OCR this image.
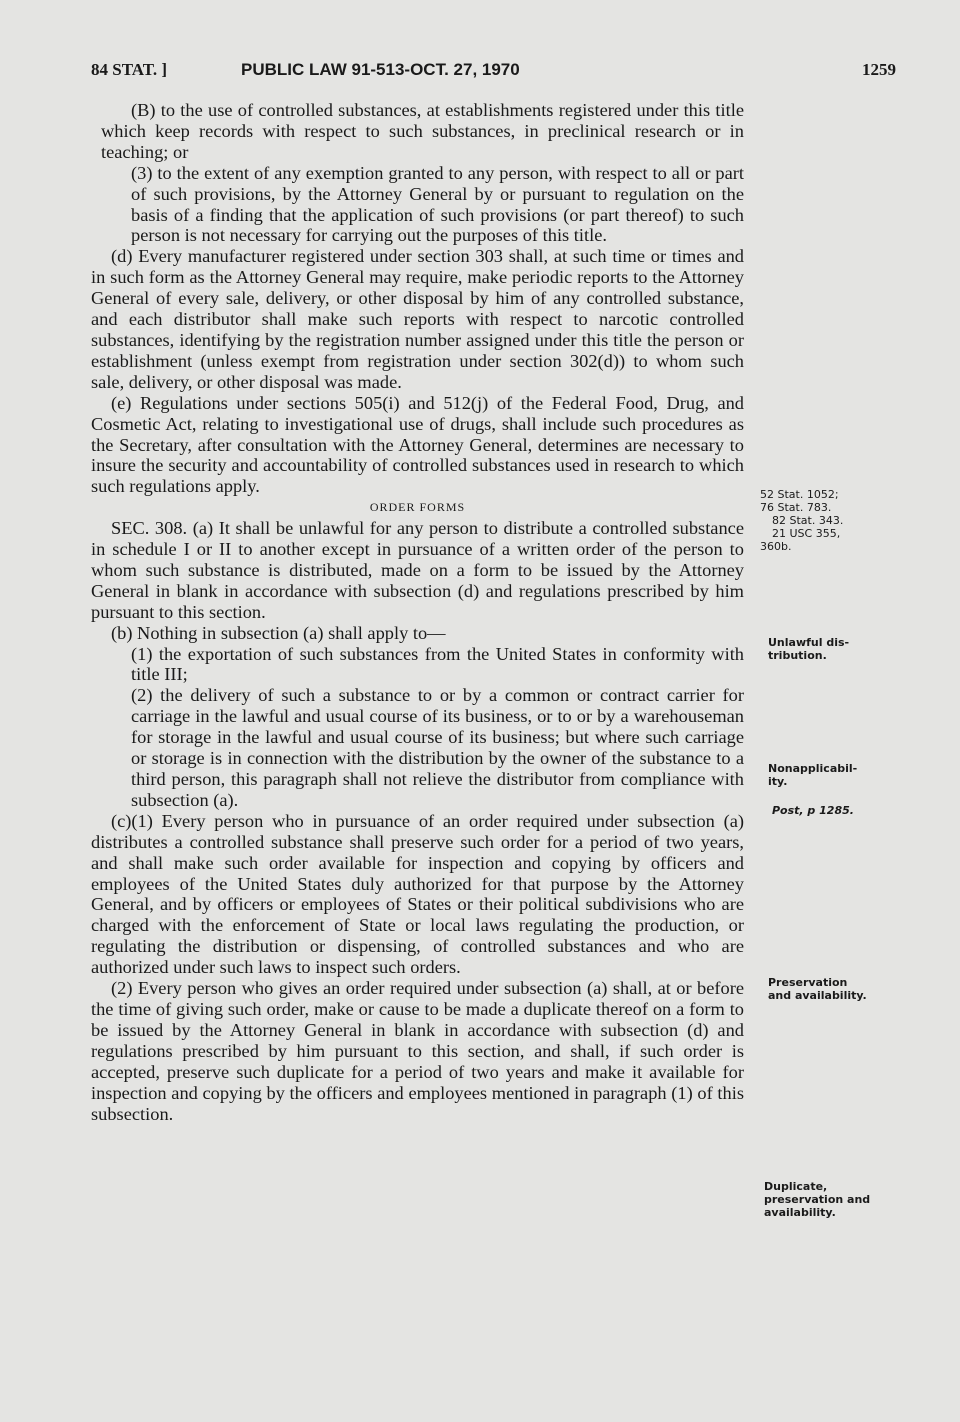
84 STAT. ]	PUBLIC LAW 91-513-OCT. 27, 1970	1259

(B) to the use of controlled substances, at establishments registered under this title which keep records with respect to such substances, in preclinical research or in teaching; or

(3) to the extent of any exemption granted to any person, with respect to all or part of such provisions, by the Attorney General by or pursuant to regulation on the basis of a finding that the application of such provisions (or part thereof) to such person is not necessary for carrying out the purposes of this title.

(d) Every manufacturer registered under section 303 shall, at such time or times and in such form as the Attorney General may require, make periodic reports to the Attorney General of every sale, delivery, or other disposal by him of any controlled substance, and each distributor shall make such reports with respect to narcotic controlled substances, identifying by the registration number assigned under this title the person or establishment (unless exempt from registration under section 302(d)) to whom such sale, delivery, or other disposal was made.

(e) Regulations under sections 505(i) and 512(j) of the Federal Food, Drug, and Cosmetic Act, relating to investigational use of drugs, shall include such procedures as the Secretary, after consultation with the Attorney General, determines are necessary to insure the security and accountability of controlled substances used in research to which such regulations apply.

ORDER FORMS

SEC. 308. (a) It shall be unlawful for any person to distribute a controlled substance in schedule I or II to another except in pursuance of a written order of the person to whom such substance is distributed, made on a form to be issued by the Attorney General in blank in accordance with subsection (d) and regulations prescribed by him pursuant to this section.

(b) Nothing in subsection (a) shall apply to—

(1) the exportation of such substances from the United States in conformity with title III;

(2) the delivery of such a substance to or by a common or contract carrier for carriage in the lawful and usual course of its business, or to or by a warehouseman for storage in the lawful and usual course of its business; but where such carriage or storage is in connection with the distribution by the owner of the substance to a third person, this paragraph shall not relieve the distributor from compliance with subsection (a).

(c)(1) Every person who in pursuance of an order required under subsection (a) distributes a controlled substance shall preserve such order for a period of two years, and shall make such order available for inspection and copying by officers and employees of the United States duly authorized for that purpose by the Attorney General, and by officers or employees of States or their political subdivisions who are charged with the enforcement of State or local laws regulating the production, or regulating the distribution or dispensing, of controlled substances and who are authorized under such laws to inspect such orders.

(2) Every person who gives an order required under subsection (a) shall, at or before the time of giving such order, make or cause to be made a duplicate thereof on a form to be issued by the Attorney General in blank in accordance with subsection (d) and regulations prescribed by him pursuant to this section, and shall, if such order is accepted, preserve such duplicate for a period of two years and make it available for inspection and copying by the officers and employees mentioned in paragraph (1) of this subsection.

52 Stat. 1052;
76 Stat. 783.
82 Stat. 343.
21 USC 355,
360b.
Unlawful dis-
tribution.
Nonapplicabil-
ity.
Post, p 1285.
Preservation
and availability.
Duplicate,
preservation and
availability.
